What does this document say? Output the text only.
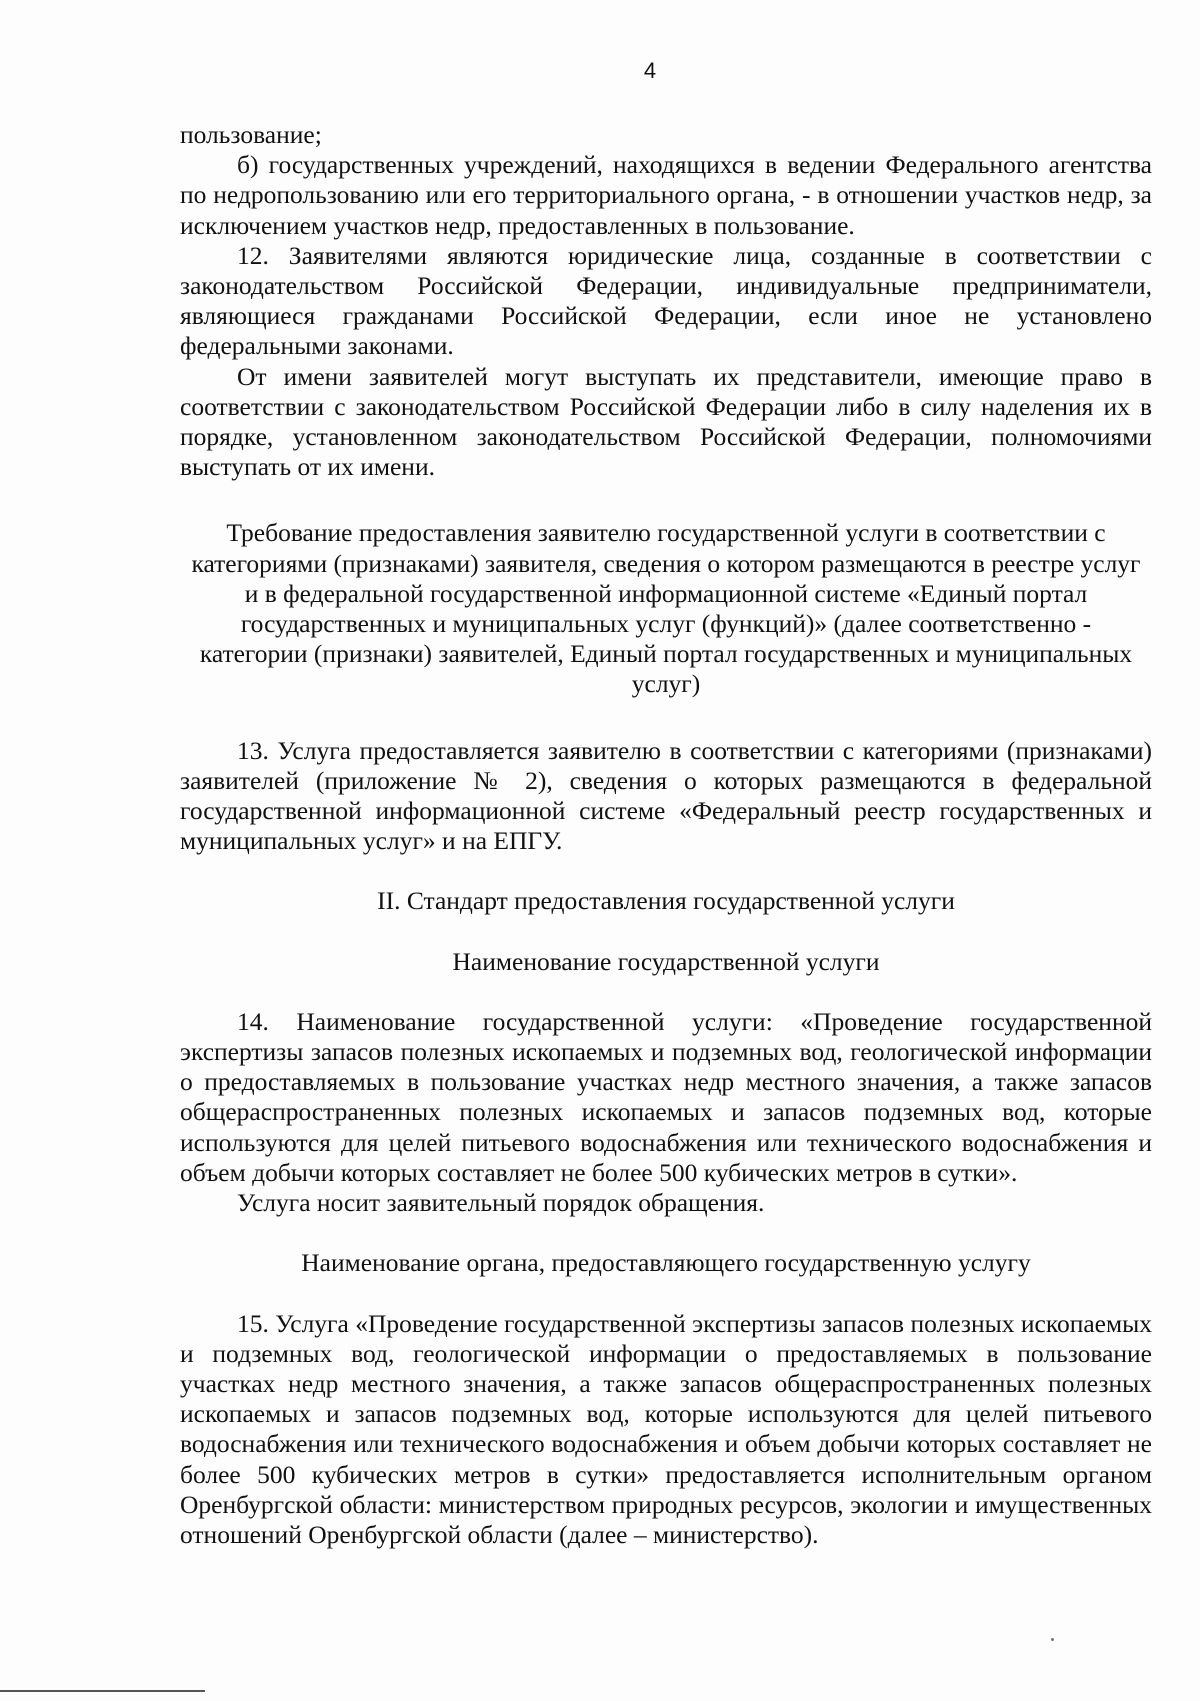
4

пользование;

б) государственных учреждений, находящихся в ведении Федерального агентства по недропользованию или его территориального органа, - в отношении участков недр, за исключением участков недр, предоставленных в пользование.

12. Заявителями являются юридические лица, созданные в соответствии с законодательством Российской Федерации, индивидуальные предприниматели, являющиеся гражданами Российской Федерации, если иное не установлено федеральными законами.

От имени заявителей могут выступать их представители, имеющие право в соответствии с законодательством Российской Федерации либо в силу наделения их в порядке, установленном законодательством Российской Федерации, полномочиями выступать от их имени.

Требование предоставления заявителю государственной услуги в соответствии с категориями (признаками) заявителя, сведения о котором размещаются в реестре услуг и в федеральной государственной информационной системе «Единый портал государственных и муниципальных услуг (функций)» (далее соответственно - категории (признаки) заявителей, Единый портал государственных и муниципальных услуг)

13. Услуга предоставляется заявителю в соответствии с категориями (признаками) заявителей (приложение № 2), сведения о которых размещаются в федеральной государственной информационной системе «Федеральный реестр государственных и муниципальных услуг» и на ЕПГУ.

II. Стандарт предоставления государственной услуги

Наименование государственной услуги

14. Наименование государственной услуги: «Проведение государственной экспертизы запасов полезных ископаемых и подземных вод, геологической информации о предоставляемых в пользование участках недр местного значения, а также запасов общераспространенных полезных ископаемых и запасов подземных вод, которые используются для целей питьевого водоснабжения или технического водоснабжения и объем добычи которых составляет не более 500 кубических метров в сутки».

Услуга носит заявительный порядок обращения.

Наименование органа, предоставляющего государственную услугу

15. Услуга «Проведение государственной экспертизы запасов полезных ископаемых и подземных вод, геологической информации о предоставляемых в пользование участках недр местного значения, а также запасов общераспространенных полезных ископаемых и запасов подземных вод, которые используются для целей питьевого водоснабжения или технического водоснабжения и объем добычи которых составляет не более 500 кубических метров в сутки» предоставляется исполнительным органом Оренбургской области: министерством природных ресурсов, экологии и имущественных отношений Оренбургской области (далее – министерство).
